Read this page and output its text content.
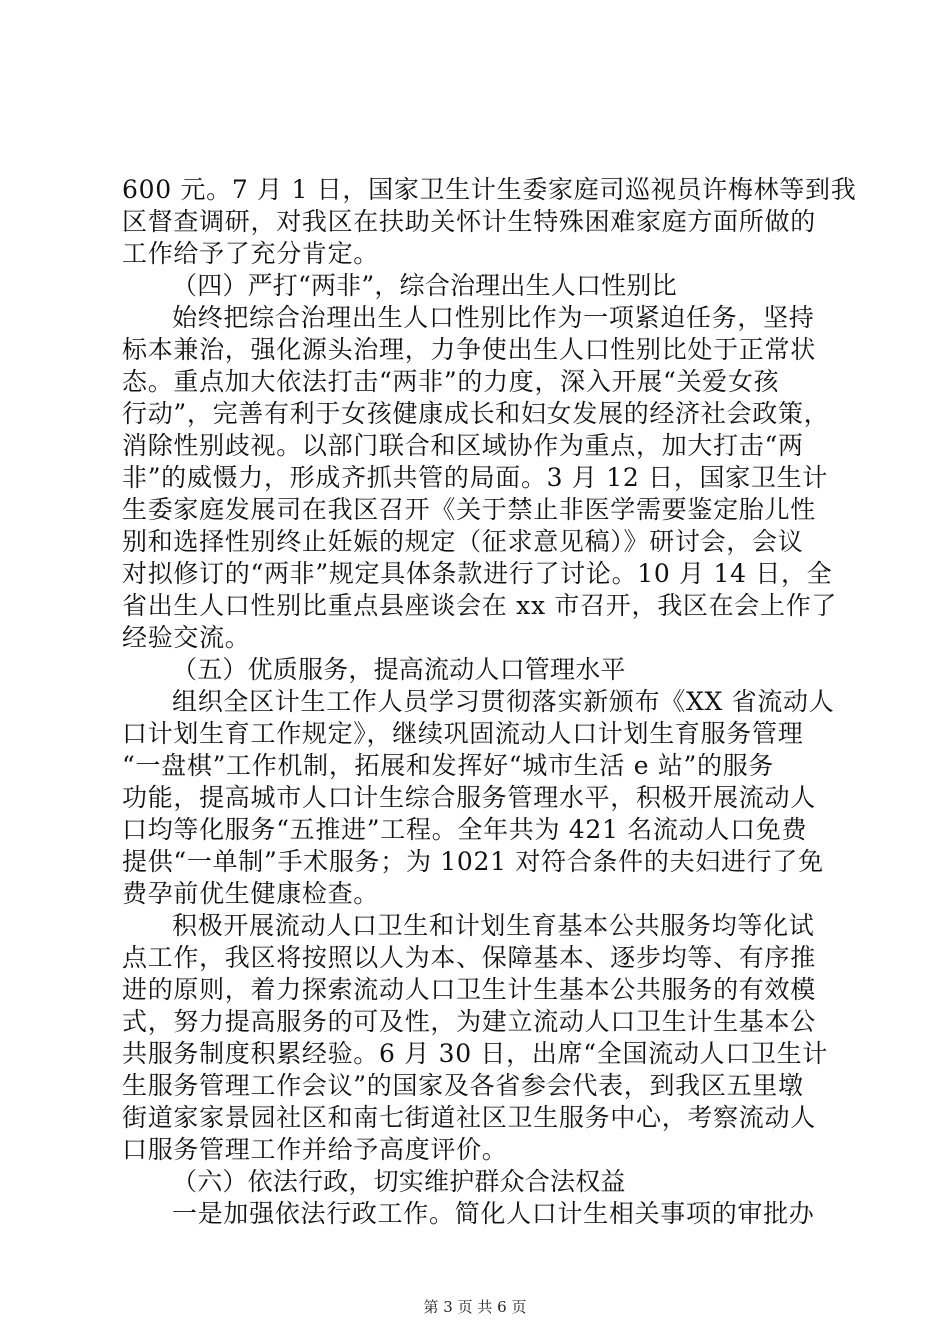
600 元。7 月 1 日，国家卫生计生委家庭司巡视员许梅林等到我
区督查调研，对我区在扶助关怀计生特殊困难家庭方面所做的
工作给予了充分肯定。
（四）严打“两非”，综合治理出生人口性别比
始终把综合治理出生人口性别比作为一项紧迫任务，坚持
标本兼治，强化源头治理，力争使出生人口性别比处于正常状
态。重点加大依法打击“两非”的力度，深入开展“关爱女孩
行动”，完善有利于女孩健康成长和妇女发展的经济社会政策，
消除性别歧视。以部门联合和区域协作为重点，加大打击“两
非”的威慑力，形成齐抓共管的局面。3 月 12 日，国家卫生计
生委家庭发展司在我区召开《关于禁止非医学需要鉴定胎儿性
别和选择性别终止妊娠的规定（征求意见稿）》研讨会，会议
对拟修订的“两非”规定具体条款进行了讨论。10 月 14 日，全
省出生人口性别比重点县座谈会在 xx 市召开，我区在会上作了
经验交流。
（五）优质服务，提高流动人口管理水平
组织全区计生工作人员学习贯彻落实新颁布《XX 省流动人
口计划生育工作规定》，继续巩固流动人口计划生育服务管理
“一盘棋”工作机制，拓展和发挥好“城市生活 e 站”的服务
功能，提高城市人口计生综合服务管理水平，积极开展流动人
口均等化服务“五推进”工程。全年共为 421 名流动人口免费
提供“一单制”手术服务；为 1021 对符合条件的夫妇进行了免
费孕前优生健康检查。
积极开展流动人口卫生和计划生育基本公共服务均等化试
点工作，我区将按照以人为本、保障基本、逐步均等、有序推
进的原则，着力探索流动人口卫生计生基本公共服务的有效模
式，努力提高服务的可及性，为建立流动人口卫生计生基本公
共服务制度积累经验。6 月 30 日，出席“全国流动人口卫生计
生服务管理工作会议”的国家及各省参会代表，到我区五里墩
街道家家景园社区和南七街道社区卫生服务中心，考察流动人
口服务管理工作并给予高度评价。
（六）依法行政，切实维护群众合法权益
一是加强依法行政工作。简化人口计生相关事项的审批办
第 3 页 共 6 页
